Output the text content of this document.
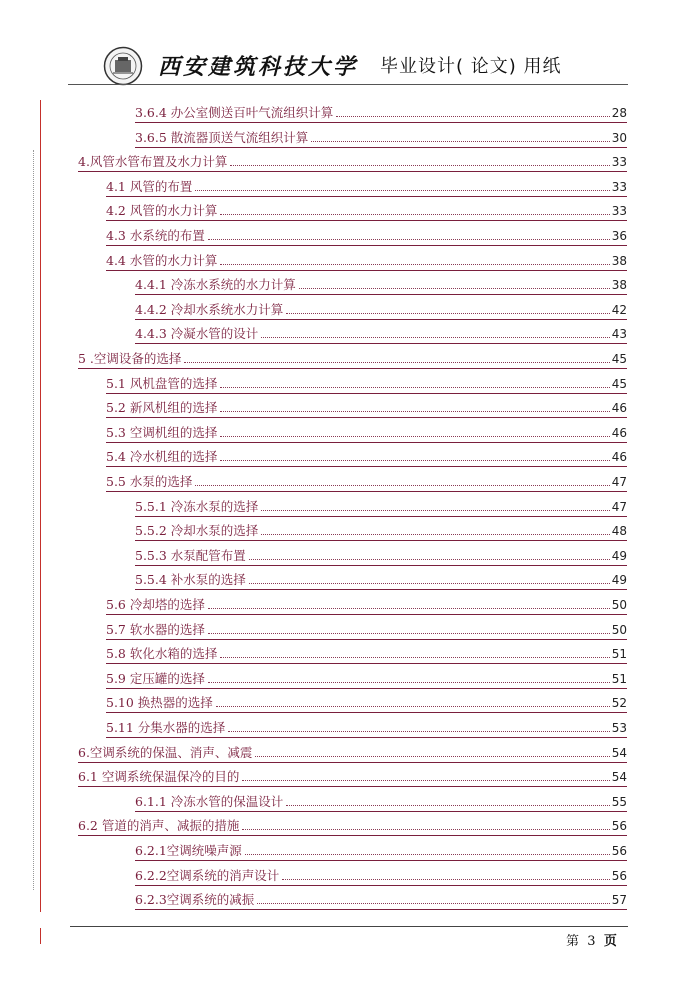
西安建筑科技大学 毕业设计( 论文) 用纸
3.6.4 办公室侧送百叶气流组织计算	28
3.6.5 散流器顶送气流组织计算	30
4.风管水管布置及水力计算	33
4.1 风管的布置	33
4.2 风管的水力计算	33
4.3 水系统的布置	36
4.4 水管的水力计算	38
4.4.1 冷冻水系统的水力计算	38
4.4.2 冷却水系统水力计算	42
4.4.3 冷凝水管的设计	43
5 .空调设备的选择	45
5.1 风机盘管的选择	45
5.2 新风机组的选择	46
5.3 空调机组的选择	46
5.4 冷水机组的选择	46
5.5 水泵的选择	47
5.5.1 冷冻水泵的选择	47
5.5.2 冷却水泵的选择	48
5.5.3 水泵配管布置	49
5.5.4 补水泵的选择	49
5.6 冷却塔的选择	50
5.7 软水器的选择	50
5.8 软化水箱的选择	51
5.9 定压罐的选择	51
5.10 换热器的选择	52
5.11 分集水器的选择	53
6.空调系统的保温、消声、减震	54
6.1 空调系统保温保冷的目的	54
6.1.1 冷冻水管的保温设计	55
6.2 管道的消声、减振的措施	56
6.2.1空调统噪声源	56
6.2.2空调系统的消声设计	56
6.2.3空调系统的减振	57
第 3 页
